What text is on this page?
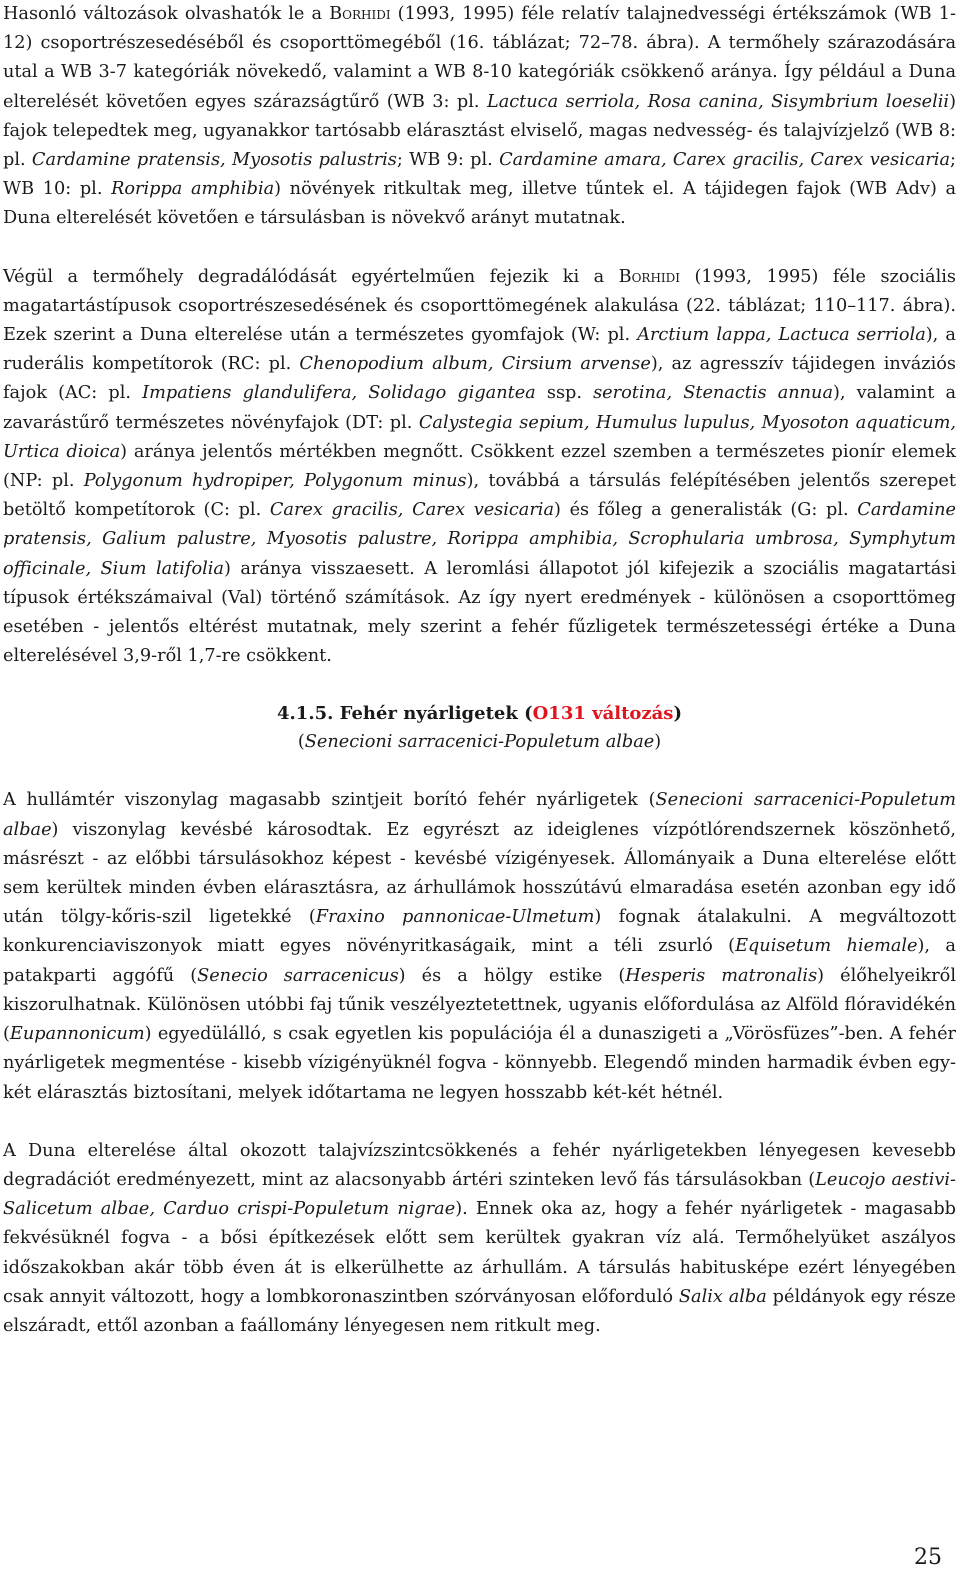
Hasonló változások olvashatók le a Borhidi (1993, 1995) féle relatív talajnedvességi értékszámok (WB 1-12) csoportrészesedéséből és csoporttömegéből (16. táblázat; 72–78. ábra). A termőhely szárazodására utal a WB 3-7 kategóriák növekedő, valamint a WB 8-10 kategóriák csökkenő aránya. Így például a Duna elterelését követően egyes szárazságtűrő (WB 3: pl. Lactuca serriola, Rosa canina, Sisymbrium loeselii) fajok telepedtek meg, ugyanakkor tartósabb elárasztást elviselő, magas nedvesség- és talajvízjelző (WB 8: pl. Cardamine pratensis, Myosotis palustris; WB 9: pl. Cardamine amara, Carex gracilis, Carex vesicaria; WB 10: pl. Rorippa amphibia) növények ritkultak meg, illetve tűntek el. A tájidegen fajok (WB Adv) a Duna elterelését követően e társulásban is növekvő arányt mutatnak.

Végül a termőhely degradálódását egyértelműen fejezik ki a Borhidi (1993, 1995) féle szociális magatartástípusok csoportrészesedésének és csoporttömegének alakulása (22. táblázat; 110–117. ábra). Ezek szerint a Duna elterelése után a természetes gyomfajok (W: pl. Arctium lappa, Lactuca serriola), a ruderális kompetítorok (RC: pl. Chenopodium album, Cirsium arvense), az agresszív tájidegen inváziós fajok (AC: pl. Impatiens glandulifera, Solidago gigantea ssp. serotina, Stenactis annua), valamint a zavarástűrő természetes növényfajok (DT: pl. Calystegia sepium, Humulus lupulus, Myosoton aquaticum, Urtica dioica) aránya jelentős mértékben megnőtt. Csökkent ezzel szemben a természetes pionír elemek (NP: pl. Polygonum hydropiper, Polygonum minus), továbbá a társulás felépítésében jelentős szerepet betöltő kompetítorok (C: pl. Carex gracilis, Carex vesicaria) és főleg a generalisták (G: pl. Cardamine pratensis, Galium palustre, Myosotis palustre, Rorippa amphibia, Scrophularia umbrosa, Symphytum officinale, Sium latifolia) aránya visszaesett. A leromlási állapotot jól kifejezik a szociális magatartási típusok értékszámaival (Val) történő számítások. Az így nyert eredmények - különösen a csoporttömeg esetében - jelentős eltérést mutatnak, mely szerint a fehér fűzligetek természetességi értéke a Duna elterelésével 3,9-ről 1,7-re csökkent.

4.1.5. Fehér nyárligetek (O131 változás)
(Senecioni sarracenici-Populetum albae)

A hullámtér viszonylag magasabb szintjeit borító fehér nyárligetek (Senecioni sarracenici-Populetum albae) viszonylag kevésbé károsodtak. Ez egyrészt az ideiglenes vízpótlórendszernek köszönhető, másrészt - az előbbi társulásokhoz képest - kevésbé vízigényesek. Állományaik a Duna elterelése előtt sem kerültek minden évben elárasztásra, az árhullámok hosszútávú elmaradása esetén azonban egy idő után tölgy-kőris-szil ligetekké (Fraxino pannonicae-Ulmetum) fognak átalakulni. A megváltozott konkurenciaviszonyok miatt egyes növényritkaságaik, mint a téli zsurló (Equisetum hiemale), a patakparti aggófű (Senecio sarracenicus) és a hölgy estike (Hesperis matronalis) élőhelyeikről kiszorulhatnak. Különösen utóbbi faj tűnik veszélyeztetettnek, ugyanis előfordulása az Alföld flóravidékén (Eupannonicum) egyedülálló, s csak egyetlen kis populációja él a dunaszigeti a „Vörösfüzes”-ben. A fehér nyárligetek megmentése - kisebb vízigényüknél fogva - könnyebb. Elegendő minden harmadik évben egy-két elárasztás biztosítani, melyek időtartama ne legyen hosszabb két-két hétnél.

A Duna elterelése által okozott talajvízszintcsökkenés a fehér nyárligetekben lényegesen kevesebb degradációt eredményezett, mint az alacsonyabb ártéri szinteken levő fás társulásokban (Leucojo aestivi-Salicetum albae, Carduo crispi-Populetum nigrae). Ennek oka az, hogy a fehér nyárligetek - magasabb fekvésüknél fogva - a bősi építkezések előtt sem kerültek gyakran víz alá. Termőhelyüket aszályos időszakokban akár több éven át is elkerülhette az árhullám. A társulás habitusképe ezért lényegében csak annyit változott, hogy a lombkoronaszintben szórványosan előforduló Salix alba példányok egy része elszáradt, ettől azonban a faállomány lényegesen nem ritkult meg.

25
